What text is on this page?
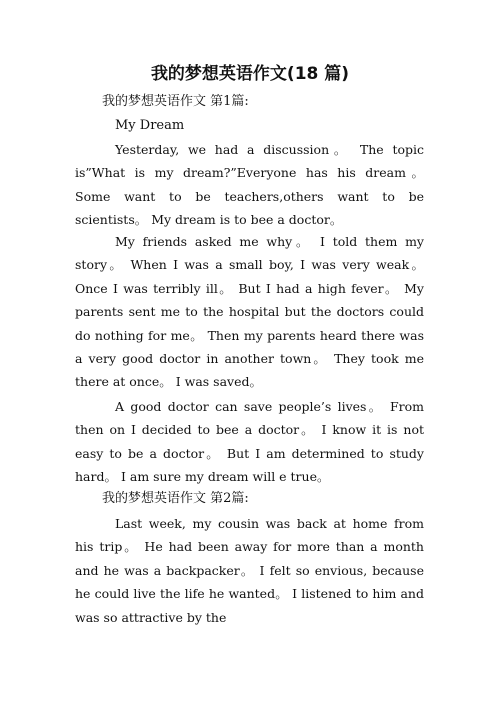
我的梦想英语作文(18 篇)
我的梦想英语作文 第1篇:
My Dream

Yesterday, we had a discussion。 The topic is”What is my dream?”Everyone has his dream。 Some want to be teachers,others want to be scientists。 My dream is to bee a doctor。

My friends asked me why。 I told them my story。 When I was a small boy, I was very weak。 Once I was terribly ill。 But I had a high fever。 My parents sent me to the hospital but the doctors could do nothing for me。 Then my parents heard there was a very good doctor in another town。 They took me there at once。 I was saved。

A good doctor can save people’s lives。 From then on I decided to bee a doctor。 I know it is not easy to be a doctor。 But I am determined to study hard。 I am sure my dream will e true。

我的梦想英语作文 第2篇:

Last week, my cousin was back at home from his trip。 He had been away for more than a month and he was a backpacker。 I felt so envious, because he could live the life he wanted。 I listened to him and was so attractive by the
